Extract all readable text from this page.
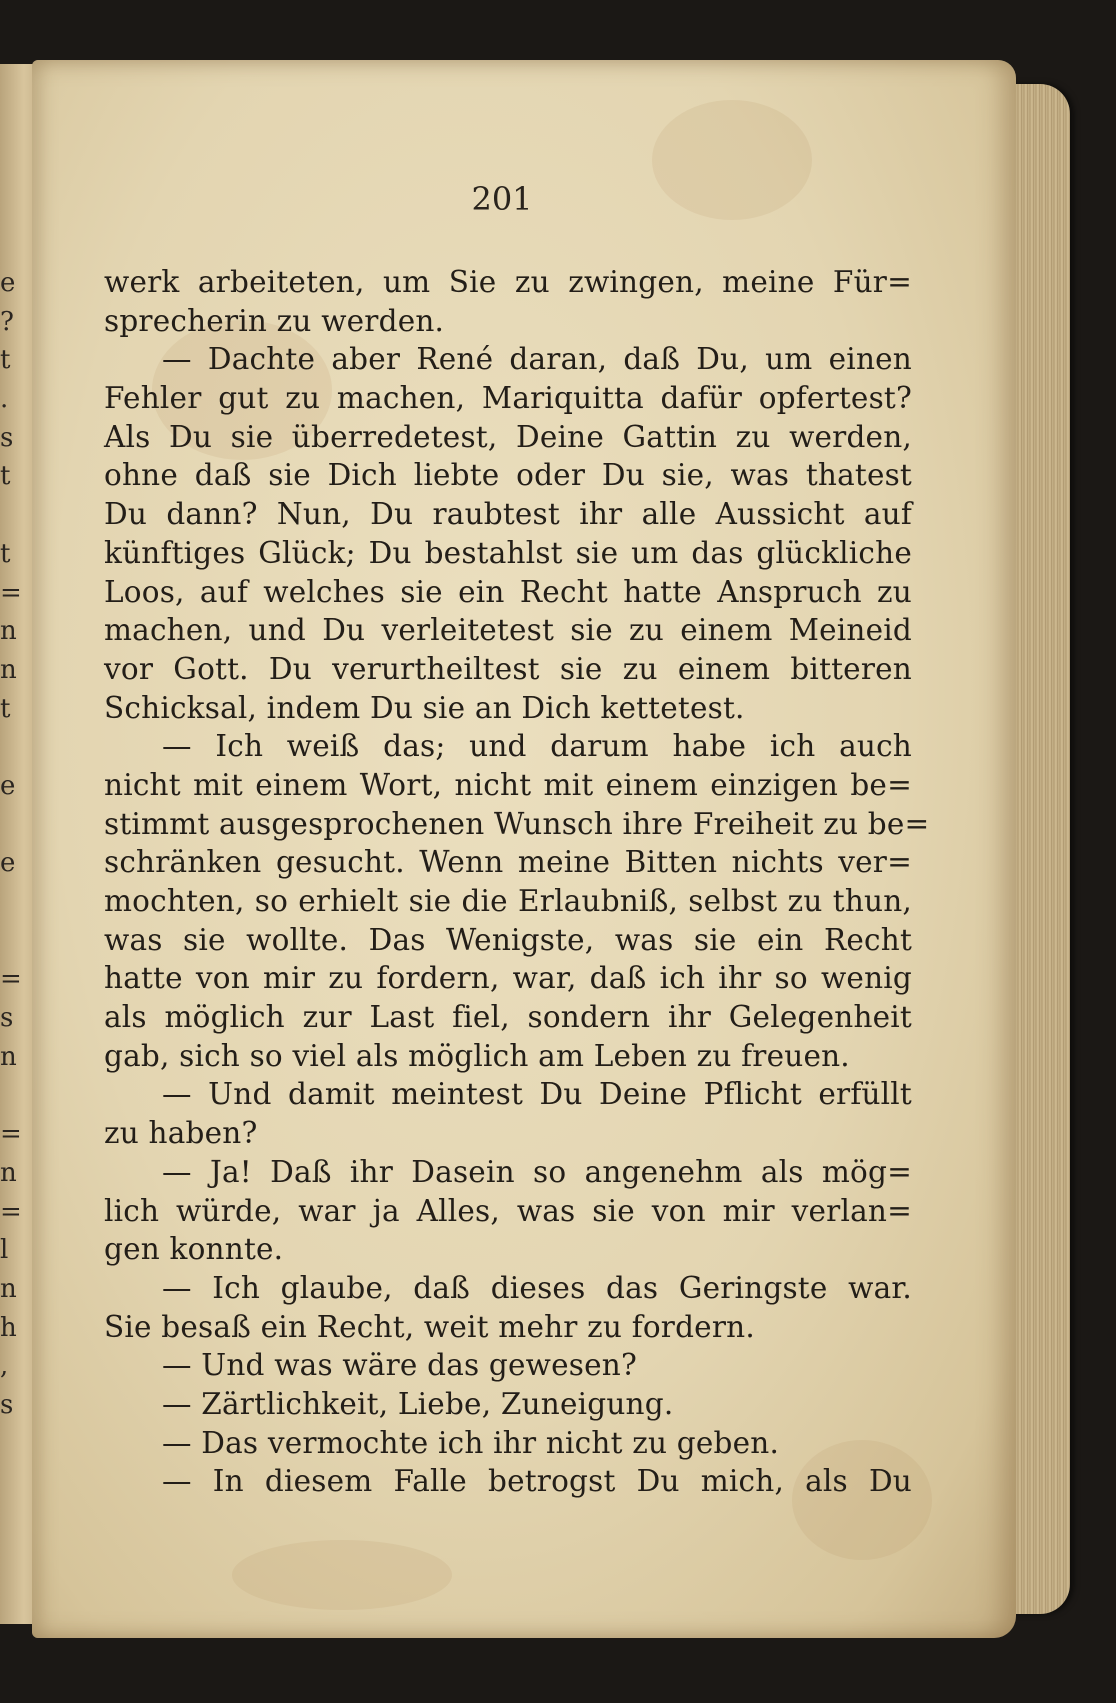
e
?
t
.
s
t
t
=
n
n
t
e
e
=
s
n
=
n
=
l
n
h
,
s
201
werk arbeiteten, um Sie zu zwingen, meine Für=
sprecherin zu werden.
— Dachte aber René daran, daß Du, um einen
Fehler gut zu machen, Mariquitta dafür opfertest?
Als Du sie überredetest, Deine Gattin zu werden,
ohne daß sie Dich liebte oder Du sie, was thatest
Du dann? Nun, Du raubtest ihr alle Aussicht auf
künftiges Glück; Du bestahlst sie um das glückliche
Loos, auf welches sie ein Recht hatte Anspruch zu
machen, und Du verleitetest sie zu einem Meineid
vor Gott. Du verurtheiltest sie zu einem bitteren
Schicksal, indem Du sie an Dich kettetest.
— Ich weiß das; und darum habe ich auch
nicht mit einem Wort, nicht mit einem einzigen be=
stimmt ausgesprochenen Wunsch ihre Freiheit zu be=
schränken gesucht. Wenn meine Bitten nichts ver=
mochten, so erhielt sie die Erlaubniß, selbst zu thun,
was sie wollte. Das Wenigste, was sie ein Recht
hatte von mir zu fordern, war, daß ich ihr so wenig
als möglich zur Last fiel, sondern ihr Gelegenheit
gab, sich so viel als möglich am Leben zu freuen.
— Und damit meintest Du Deine Pflicht erfüllt
zu haben?
— Ja! Daß ihr Dasein so angenehm als mög=
lich würde, war ja Alles, was sie von mir verlan=
gen konnte.
— Ich glaube, daß dieses das Geringste war.
Sie besaß ein Recht, weit mehr zu fordern.
— Und was wäre das gewesen?
— Zärtlichkeit, Liebe, Zuneigung.
— Das vermochte ich ihr nicht zu geben.
— In diesem Falle betrogst Du mich, als Du
